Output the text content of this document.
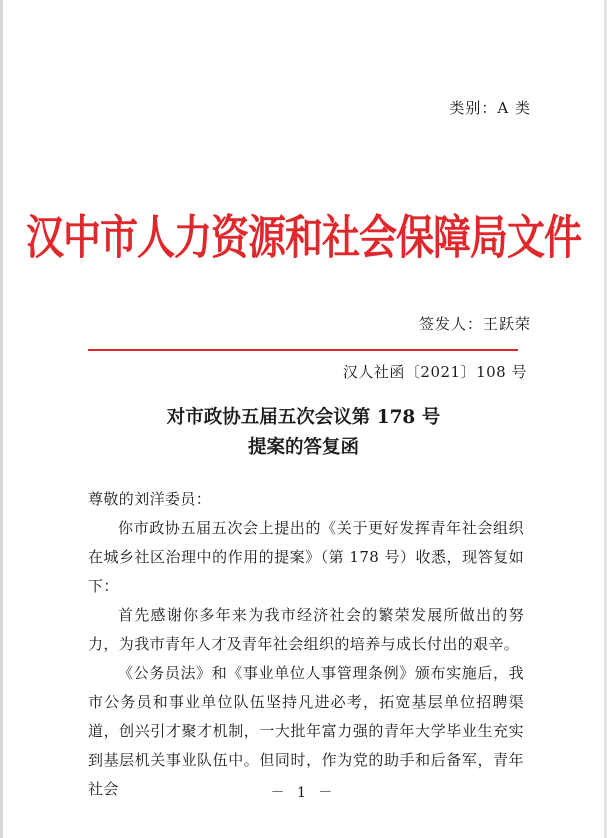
类别：A 类
汉中市人力资源和社会保障局文件
签发人：王跃荣
汉人社函〔2021〕108 号
对市政协五届五次会议第 178 号
提案的答复函

尊敬的刘洋委员：

你市政协五届五次会上提出的《关于更好发挥青年社会组织在城乡社区治理中的作用的提案》（第 178 号）收悉，现答复如下：

首先感谢你多年来为我市经济社会的繁荣发展所做出的努力，为我市青年人才及青年社会组织的培养与成长付出的艰辛。

《公务员法》和《事业单位人事管理条例》颁布实施后，我市公务员和事业单位队伍坚持凡进必考，拓宽基层单位招聘渠道，创兴引才聚才机制，一大批年富力强的青年大学毕业生充实到基层机关事业队伍中。但同时，作为党的助手和后备军，青年社会	－ 1 －
